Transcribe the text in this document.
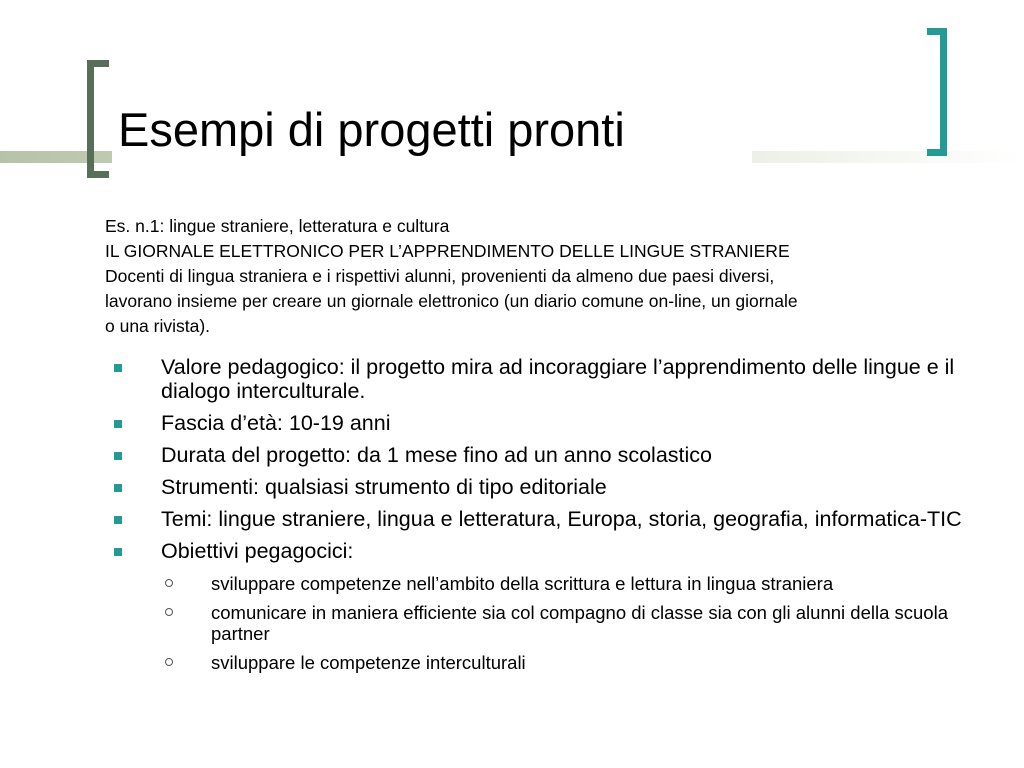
Esempi di progetti pronti
Es. n.1: lingue straniere, letteratura e cultura
IL GIORNALE ELETTRONICO PER L’APPRENDIMENTO DELLE LINGUE STRANIERE
Docenti di lingua straniera e i rispettivi alunni, provenienti da almeno due paesi diversi,
lavorano insieme per creare un giornale elettronico (un diario comune on-line, un giornale
o una rivista).
Valore pedagogico: il progetto mira ad incoraggiare l’apprendimento delle lingue e il dialogo interculturale.
Fascia d’età: 10-19 anni
Durata del progetto: da 1 mese fino ad un anno scolastico
Strumenti: qualsiasi strumento di tipo editoriale
Temi: lingue straniere, lingua e letteratura, Europa, storia, geografia, informatica-TIC
Obiettivi pegagocici:
sviluppare competenze nell’ambito della scrittura e lettura in lingua straniera
comunicare in maniera efficiente sia col compagno di classe sia con gli alunni della scuola partner
sviluppare le competenze interculturali
